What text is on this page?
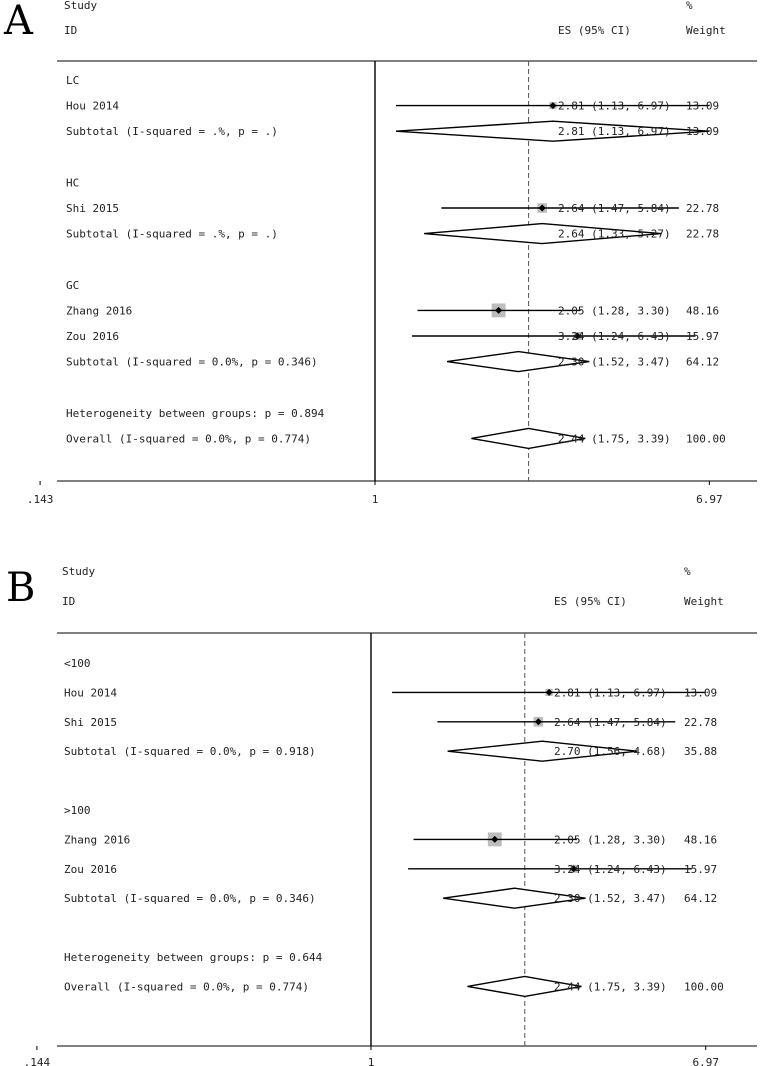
A
B
Study
ID	ES (95% CI)
%
Weight
.143	1	6.97
LC
Hou 2014	2.81 (1.13, 6.97) 13.09
Subtotal (I-squared = .%, p = .)	2.81 (1.13, 6.97) 13.09
HC
Shi 2015	2.64 (1.47, 5.84) 22.78
Subtotal (I-squared = .%, p = .)	2.64 (1.33, 5.27) 22.78
GC
Zhang 2016	2.05 (1.28, 3.30) 48.16
Zou 2016	3.24 (1.24, 6.43) 15.97
Subtotal (I-squared = 0.0%, p = 0.346)	2.30 (1.52, 3.47) 64.12
Heterogeneity between groups: p = 0.894
Overall (I-squared = 0.0%, p = 0.774)	2.44 (1.75, 3.39) 100.00
Study
ID	ES (95% CI)
%
Weight
.144	1	6.97
<100
Hou 2014	2.81 (1.13, 6.97) 13.09
Shi 2015	2.64 (1.47, 5.84) 22.78
Subtotal (I-squared = 0.0%, p = 0.918)	2.70 (1.56, 4.68) 35.88
>100
Zhang 2016	2.05 (1.28, 3.30) 48.16
Zou 2016	3.24 (1.24, 6.43) 15.97
Subtotal (I-squared = 0.0%, p = 0.346)	2.30 (1.52, 3.47) 64.12
Heterogeneity between groups: p = 0.644
Overall (I-squared = 0.0%, p = 0.774)	2.44 (1.75, 3.39) 100.00
